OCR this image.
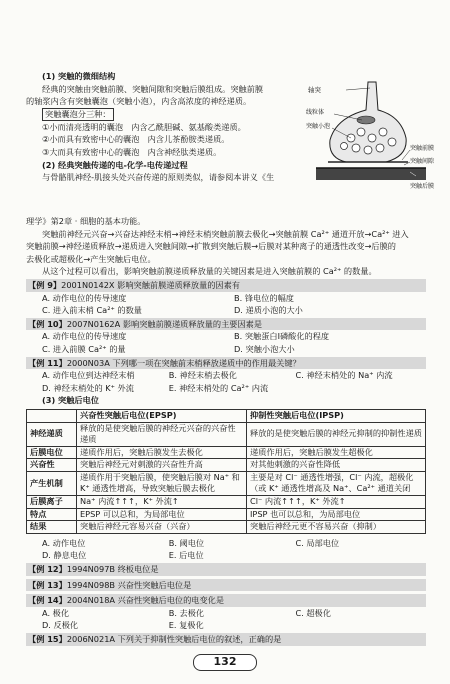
(1) 突触的微细结构
经典的突触由突触前膜、突触间隙和突触后膜组成。突触前膜
的轴浆内含有突触囊泡（突触小泡），内含高浓度的神经递质。
突触囊泡分三种：
①小而清亮透明的囊泡　内含乙酰胆碱、氨基酸类递质。
②小而具有致密中心的囊泡　内含儿茶酚胺类递质。
③大而具有致密中心的囊泡　内含神经肽类递质。
(2) 经典突触传递的电-化学-电传递过程
与骨骼肌神经-肌接头处兴奋传递的原则类似，请参阅本讲义《生
轴突
线粒体
突触小泡
突触前膜
突触间隙
突触后膜
理学》第2章 · 细胞的基本功能。
突触前神经元兴奋→兴奋达神经末梢→神经末梢突触前膜去极化→突触前膜 Ca²⁺ 通道开放→Ca²⁺ 进入
突触前膜→神经递质释放→递质进入突触间隙→扩散到突触后膜→后膜对某种离子的通透性改变→后膜的
去极化或超极化→产生突触后电位。
从这个过程可以看出，影响突触前膜递质释放量的关键因素是进入突触前膜的 Ca²⁺ 的数量。
【例 9】2001N0142X 影响突触前膜递质释放量的因素有
A. 动作电位的传导速度	B. 锋电位的幅度
C. 进入前末梢 Ca²⁺ 的数量	D. 递质小泡的大小
【例 10】2007N0162A 影响突触前膜递质释放量的主要因素是
A. 动作电位的传导速度	B. 突触蛋白Ⅰ磷酸化的程度
C. 进入前膜 Ca²⁺ 的量	D. 突触小泡大小
【例 11】2000N03A 下列哪一项在突触前末梢释放递质中的作用最关键？
A. 动作电位到达神经末梢	B. 神经末梢去极化	C. 神经末梢处的 Na⁺ 内流
D. 神经末梢处的 K⁺ 外流	E. 神经末梢处的 Ca²⁺ 内流
(3) 突触后电位
	兴奋性突触后电位(EPSP)	抑制性突触后电位(IPSP)
神经递质	释放的是使突触后膜的神经元兴奋的兴奋性递质	释放的是使突触后膜的神经元抑制的抑制性递质
后膜电位	递质作用后，突触后膜发生去极化	递质作用后，突触后膜发生超极化
兴奋性	突触后神经元对刺激的兴奋性升高	对其他刺激的兴奋性降低
产生机制	递质作用于突触后膜，使突触后膜对 Na⁺ 和 K⁺ 通透性增高，导致突触后膜去极化	主要是对 Cl⁻ 通透性增强，Cl⁻ 内流，超极化（或 K⁺ 通透性增高及 Na⁺、Ca²⁺ 通道关闭
后膜离子	Na⁺ 内流↑↑↑，K⁺ 外流↑	Cl⁻ 内流↑↑↑，K⁺ 外流↑
特点	EPSP 可以总和，为局部电位	IPSP 也可以总和，为局部电位
结果	突触后神经元容易兴奋（兴奋）	突触后神经元更不容易兴奋（抑制）
A. 动作电位	B. 阈电位	C. 局部电位
D. 静息电位	E. 后电位
【例 12】1994N097B 终板电位是
【例 13】1994N098B 兴奋性突触后电位是
【例 14】2004N018A 兴奋性突触后电位的电变化是
A. 极化	B. 去极化	C. 超极化
D. 反极化	E. 复极化
【例 15】2006N021A 下列关于抑制性突触后电位的叙述，正确的是
132
